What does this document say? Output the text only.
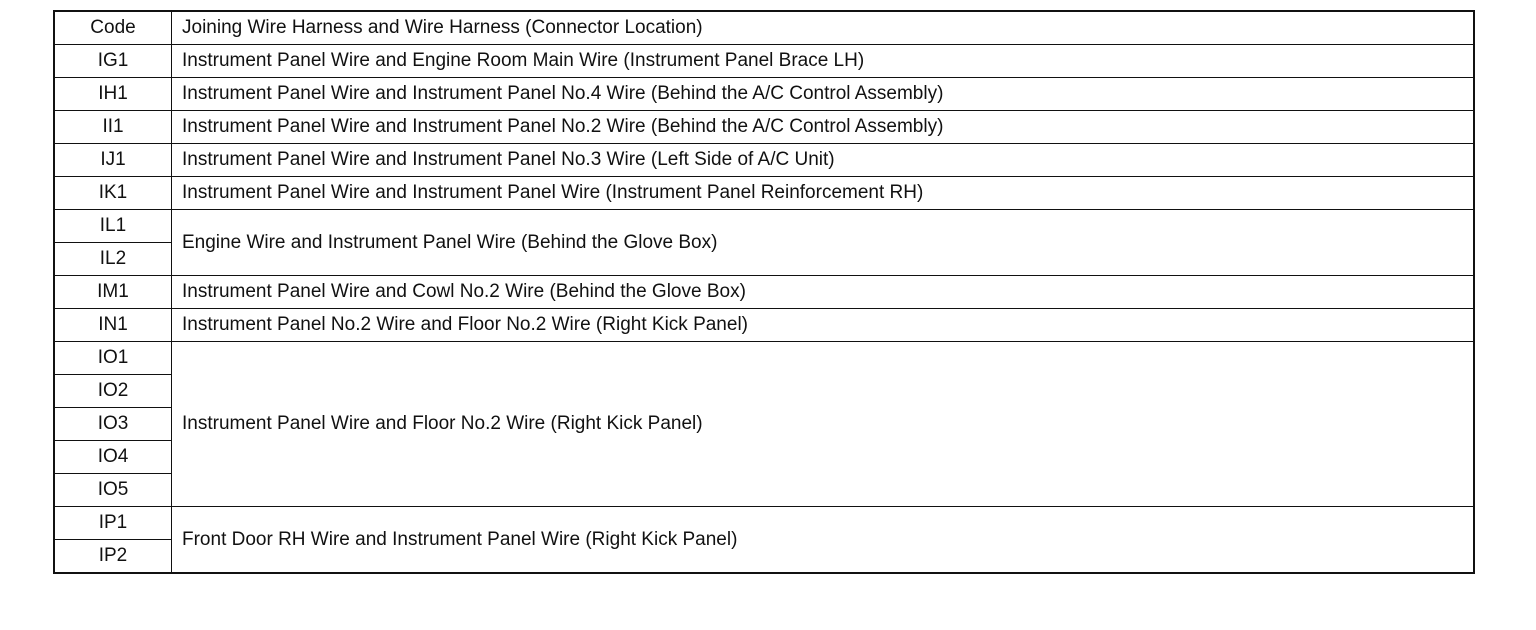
Code	Joining Wire Harness and Wire Harness (Connector Location)
IG1	Instrument Panel Wire and Engine Room Main Wire (Instrument Panel Brace LH)
IH1	Instrument Panel Wire and Instrument Panel No.4 Wire (Behind the A/C Control Assembly)
II1	Instrument Panel Wire and Instrument Panel No.2 Wire (Behind the A/C Control Assembly)
IJ1	Instrument Panel Wire and Instrument Panel No.3 Wire (Left Side of A/C Unit)
IK1	Instrument Panel Wire and Instrument Panel Wire (Instrument Panel Reinforcement RH)
IL1	Engine Wire and Instrument Panel Wire (Behind the Glove Box)
IL2	
IM1	Instrument Panel Wire and Cowl No.2 Wire (Behind the Glove Box)
IN1	Instrument Panel No.2 Wire and Floor No.2 Wire (Right Kick Panel)
IO1	Instrument Panel Wire and Floor No.2 Wire (Right Kick Panel)
IO2	
IO3	
IO4	
IO5	
IP1	Front Door RH Wire and Instrument Panel Wire (Right Kick Panel)
IP2	
